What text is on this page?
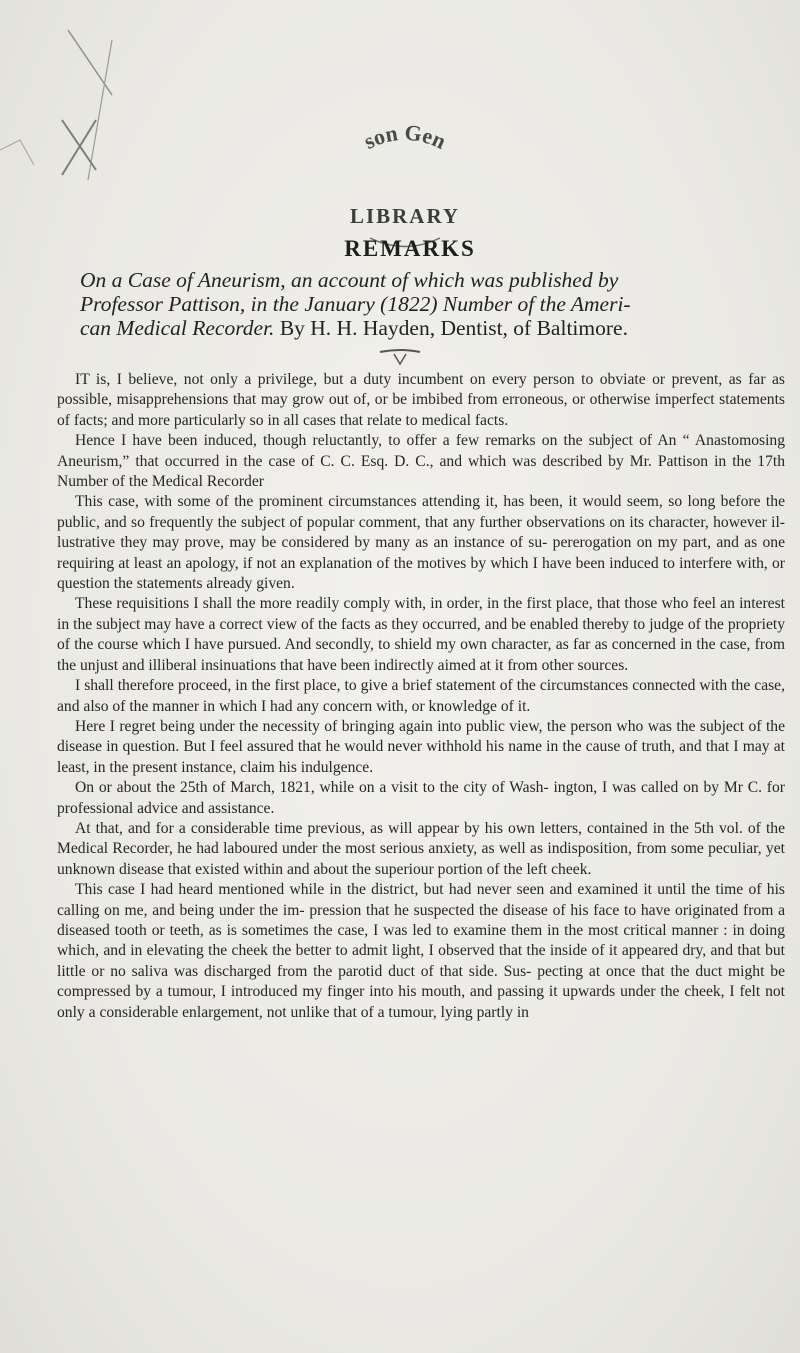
son Gen
LIBRARY
REMARKS
On a Case of Aneurism, an account of which was published by
Professor Pattison, in the January (1822) Number of the Ameri-
can Medical Recorder. By H. H. Hayden, Dentist, of Baltimore.

IT is, I believe, not only a privilege, but a duty incumbent on every person to obviate or prevent, as far as possible, misapprehensions that may grow out of, or be imbibed from erroneous, or otherwise imperfect statements of facts; and more particularly so in all cases that relate to medical facts.

Hence I have been induced, though reluctantly, to offer a few remarks on the subject of An “ Anastomosing Aneurism,” that occurred in the case of C. C. Esq. D. C., and which was described by Mr. Pattison in the 17th Number of the Medical Recorder

This case, with some of the prominent circumstances attending it, has been, it would seem, so long before the public, and so frequently the subject of popular comment, that any further observations on its character, however il- lustrative they may prove, may be considered by many as an instance of su- pererogation on my part, and as one requiring at least an apology, if not an explanation of the motives by which I have been induced to interfere with, or question the statements already given.

These requisitions I shall the more readily comply with, in order, in the first place, that those who feel an interest in the subject may have a correct view of the facts as they occurred, and be enabled thereby to judge of the propriety of the course which I have pursued. And secondly, to shield my own character, as far as concerned in the case, from the unjust and illiberal insinuations that have been indirectly aimed at it from other sources.

I shall therefore proceed, in the first place, to give a brief statement of the circumstances connected with the case, and also of the manner in which I had any concern with, or knowledge of it.

Here I regret being under the necessity of bringing again into public view, the person who was the subject of the disease in question. But I feel assured that he would never withhold his name in the cause of truth, and that I may at least, in the present instance, claim his indulgence.

On or about the 25th of March, 1821, while on a visit to the city of Wash- ington, I was called on by Mr C. for professional advice and assistance.

At that, and for a considerable time previous, as will appear by his own letters, contained in the 5th vol. of the Medical Recorder, he had laboured under the most serious anxiety, as well as indisposition, from some peculiar, yet unknown disease that existed within and about the superiour portion of the left cheek.

This case I had heard mentioned while in the district, but had never seen and examined it until the time of his calling on me, and being under the im- pression that he suspected the disease of his face to have originated from a diseased tooth or teeth, as is sometimes the case, I was led to examine them in the most critical manner : in doing which, and in elevating the cheek the better to admit light, I observed that the inside of it appeared dry, and that but little or no saliva was discharged from the parotid duct of that side. Sus- pecting at once that the duct might be compressed by a tumour, I introduced my finger into his mouth, and passing it upwards under the cheek, I felt not only a considerable enlargement, not unlike that of a tumour, lying partly in
